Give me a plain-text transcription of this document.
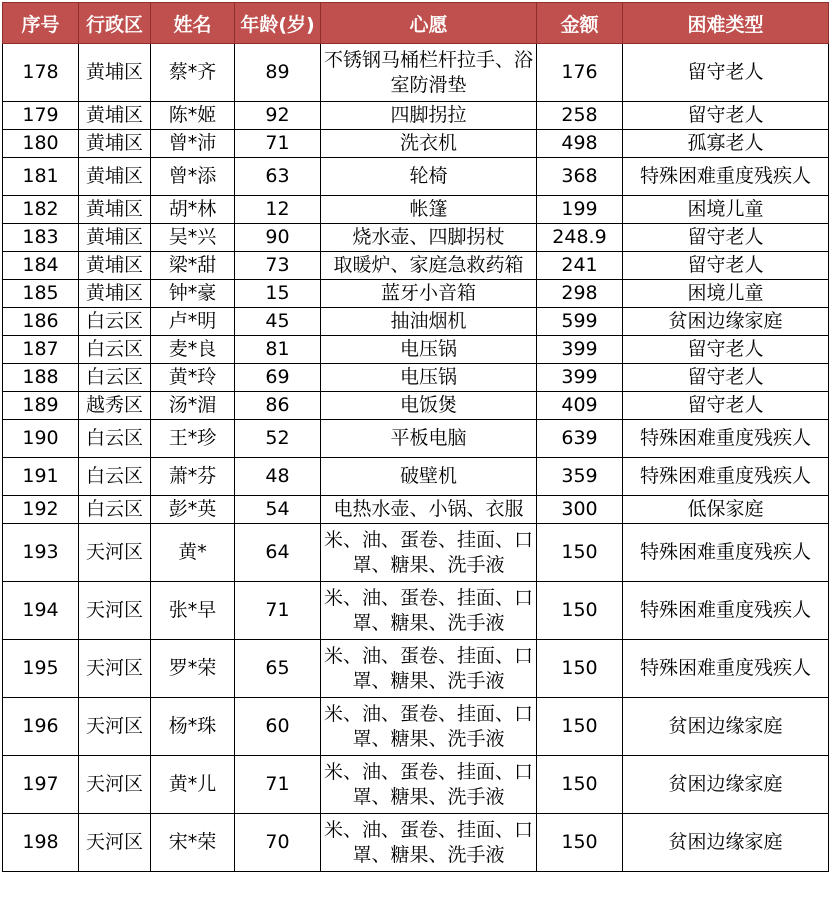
序号	行政区	姓名	年龄(岁)	心愿	金额	困难类型
178	黄埔区	蔡*齐	89	不锈钢马桶栏杆拉手、浴室防滑垫	176	留守老人
179	黄埔区	陈*姬	92	四脚拐拉	258	留守老人
180	黄埔区	曾*沛	71	洗衣机	498	孤寡老人
181	黄埔区	曾*添	63	轮椅	368	特殊困难重度残疾人
182	黄埔区	胡*林	12	帐篷	199	困境儿童
183	黄埔区	吴*兴	90	烧水壶、四脚拐杖	248.9	留守老人
184	黄埔区	梁*甜	73	取暖炉、家庭急救药箱	241	留守老人
185	黄埔区	钟*豪	15	蓝牙小音箱	298	困境儿童
186	白云区	卢*明	45	抽油烟机	599	贫困边缘家庭
187	白云区	麦*良	81	电压锅	399	留守老人
188	白云区	黄*玲	69	电压锅	399	留守老人
189	越秀区	汤*湄	86	电饭煲	409	留守老人
190	白云区	王*珍	52	平板电脑	639	特殊困难重度残疾人
191	白云区	萧*芬	48	破壁机	359	特殊困难重度残疾人
192	白云区	彭*英	54	电热水壶、小锅、衣服	300	低保家庭
193	天河区	黄*	64	米、油、蛋卷、挂面、口罩、糖果、洗手液	150	特殊困难重度残疾人
194	天河区	张*早	71	米、油、蛋卷、挂面、口罩、糖果、洗手液	150	特殊困难重度残疾人
195	天河区	罗*荣	65	米、油、蛋卷、挂面、口罩、糖果、洗手液	150	特殊困难重度残疾人
196	天河区	杨*珠	60	米、油、蛋卷、挂面、口罩、糖果、洗手液	150	贫困边缘家庭
197	天河区	黄*儿	71	米、油、蛋卷、挂面、口罩、糖果、洗手液	150	贫困边缘家庭
198	天河区	宋*荣	70	米、油、蛋卷、挂面、口罩、糖果、洗手液	150	贫困边缘家庭
